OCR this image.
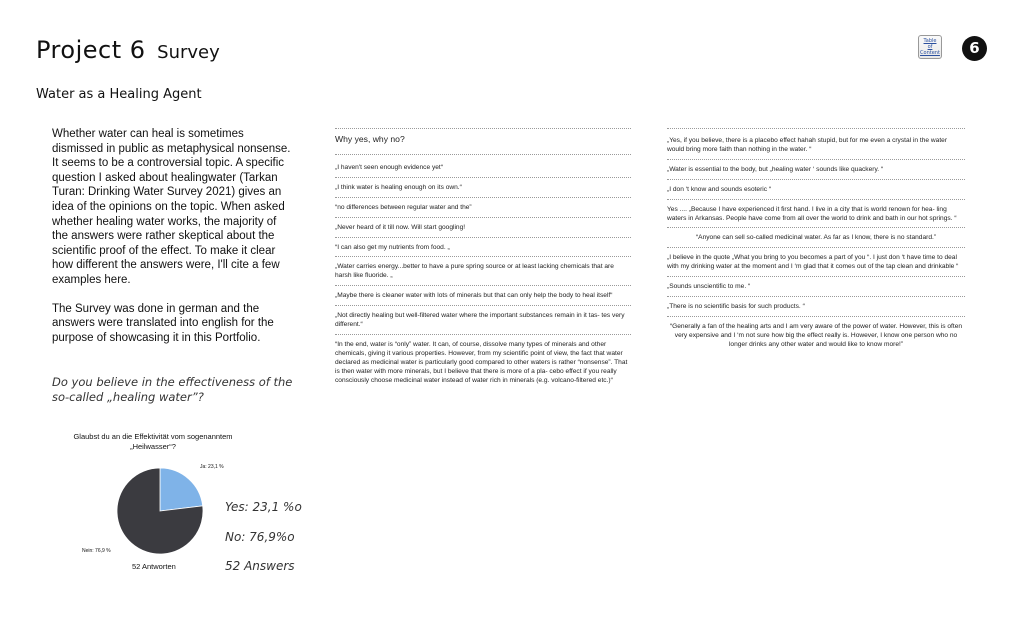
Project 6 Survey
Water as a Healing Agent
Table
of
Content	6

Whether water can heal is sometimes dismissed in public as metaphysical nonsense. It seems to be a controversial topic. A specific question I asked about healingwater (Tarkan Turan: Drinking Water Survey 2021) gives an idea of the opinions on the topic. When asked whether healing water works, the majority of the answers were rather skeptical about the scientific proof of the effect. To make it clear how different the answers were, I'll cite a few examples here.

The Survey was done in german and the answers were translated into english for the purpose of showcasing it in this Portfolio.

Do you believe in the effectiveness of the so-called „healing water”?
Glaubst du an die Effektivität vom sogenanntem „Heilwasser“?
Ja: 23,1 %
Nein: 76,9 %
52 Antworten
Yes: 23,1 %o
No: 76,9%o
52 Answers
Why yes, why no?
„I haven't seen enough evidence yet“
„I think water is healing enough on its own.“
“no differences between regular water and the”
„Never heard of it till now. Will start googling!
“I can also get my nutrients from food. „
„Water carries energy...better to have a pure spring source or at least lacking chemicals that are harsh like fluoride. „
„Maybe there is cleaner water with lots of minerals but that can only help the body to heal itself“
„Not directly healing but well-filtered water where the important substances remain in it tas- tes very different.“
“In the end, water is “only” water. It can, of course, dissolve many types of minerals and other chemicals, giving it various properties. However, from my scientific point of view, the fact that water declared as medicinal water is particularly good compared to other waters is rather “nonsense”. That is then water with more minerals, but I believe that there is more of a pla- cebo effect if you really consciously choose medicinal water instead of water rich in minerals (e.g. volcano-filtered etc.)“
„Yes, if you believe, there is a placebo effect hahah stupid, but for me even a crystal in the water would bring more faith than nothing in the water. “
„Water is essential to the body, but „healing water ‘ sounds like quackery. “
„I don ‘t know and sounds esoteric “
Yes .... „Because I have experienced it first hand. I live in a city that is world renown for hea- ling waters in Arkansas. People have come from all over the world to drink and bath in our hot springs. “
“Anyone can sell so-called medicinal water. As far as I know, there is no standard.”
„I believe in the quote „What you bring to you becomes a part of you “. I just don ‘t have time to deal with my drinking water at the moment and I ‘m glad that it comes out of the tap clean and drinkable “
„Sounds unscientific to me. “
„There is no scientific basis for such products. “
“Generally a fan of the healing arts and I am very aware of the power of water. However, this is often very expensive and I ‘m not sure how big the effect really is. However, I know one person who no longer drinks any other water and would like to know more!”
